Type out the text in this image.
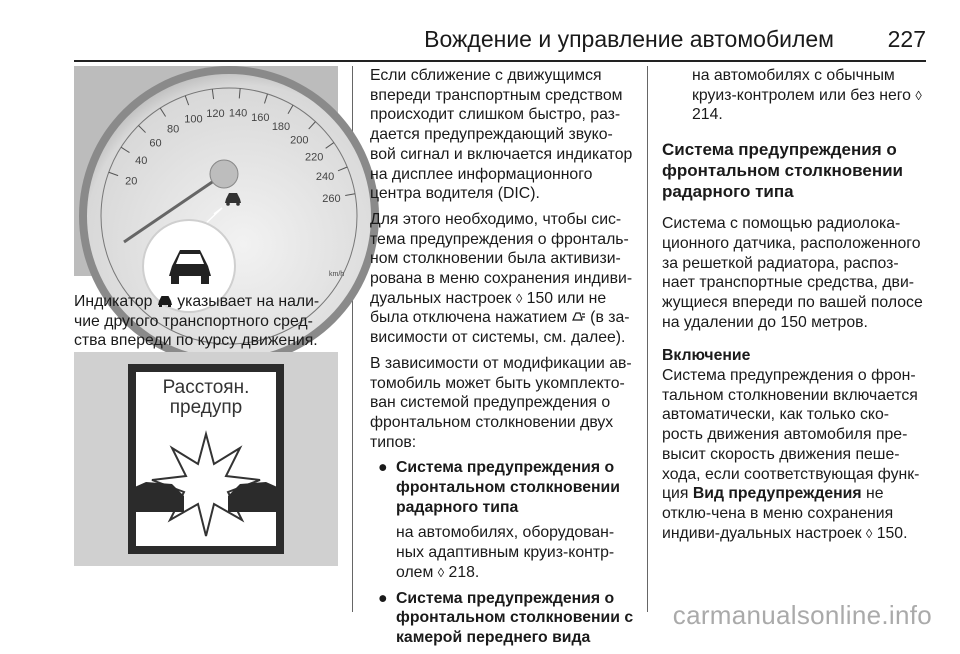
Вождение и управление автомобилем 227
20
40
60
80
100 120 140 160
180
200
220
240
260
km/h

Индикатор  указывает на нали-
чие другого транспортного сред-
ства впереди по курсу движения.

Расстоян.
предупр

Если сближение с движущимся впереди транспортным средством происходит слишком быстро, раз-дается предупреждающий звуко-вой сигнал и включается индикатор на дисплее информационного центра водителя (DIC).

Для этого необходимо, чтобы сис-тема предупреждения о фронталь-ном столкновении была активизи-рована в меню сохранения индиви-дуальных настроек ◊ 150 или не была отключена нажатием  (в за-висимости от системы, см. далее).

В зависимости от модификации ав-томобиль может быть укомплекто-ван системой предупреждения о фронтальном столкновении двух типов:

● Система предупреждения о фронтальном столкновении радарного типа
на автомобилях, оборудован-ных адаптивным круиз-контр-олем ◊ 218.
● Система предупреждения о фронтальном столкновении с камерой переднего вида

на автомобилях с обычным круиз-контролем или без него ◊ 214.

Система предупреждения о фронтальном столкновении радарного типа

Система с помощью радиолока-ционного датчика, расположенного за решеткой радиатора, распоз-нает транспортные средства, дви-жущиеся впереди по вашей полосе на удалении до 150 метров.

Включение

Система предупреждения о фрон-тальном столкновении включается автоматически, как только ско-рость движения автомобиля пре-высит скорость движения пеше-хода, если соответствующая функ-ция Вид предупреждения не отклю-чена в меню сохранения индиви-дуальных настроек ◊ 150.

carmanualsonline.info
